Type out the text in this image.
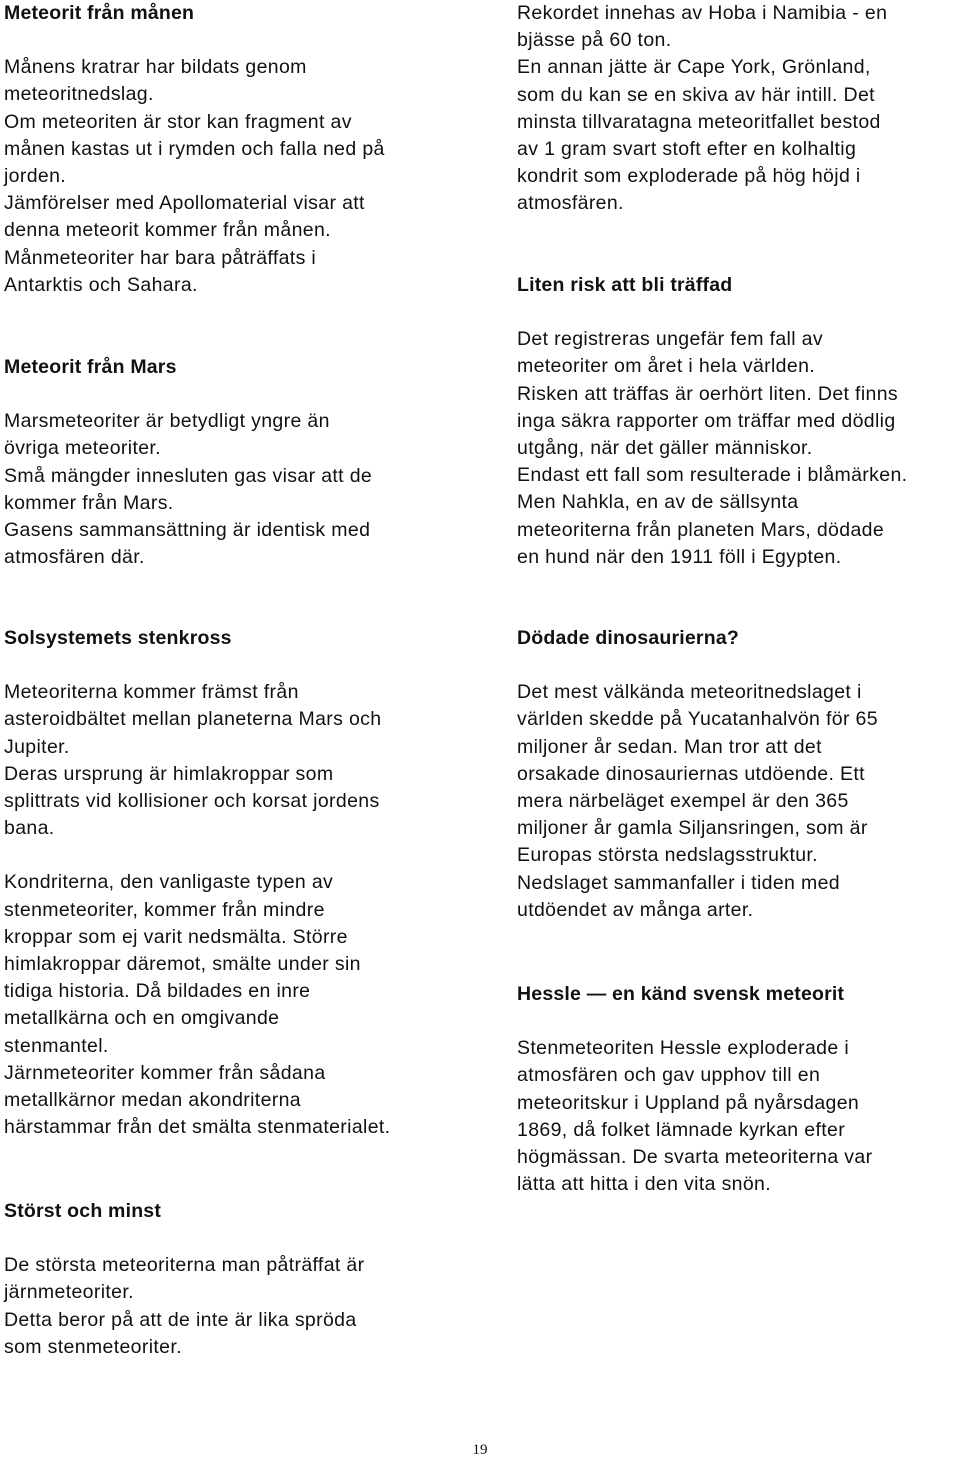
Meteorit från månen

Månens kratrar har bildats genom
meteoritnedslag.
Om meteoriten är stor kan fragment av
månen kastas ut i rymden och falla ned på
jorden.
Jämförelser med Apollomaterial visar att
denna meteorit kommer från månen.
Månmeteoriter har bara påträffats i
Antarktis och Sahara.

Meteorit från Mars

Marsmeteoriter är betydligt yngre än
övriga meteoriter.
Små mängder innesluten gas visar att de
kommer från Mars.
Gasens sammansättning är identisk med
atmosfären där.

Rekordet innehas av Hoba i Namibia - en
bjässe på 60 ton.
En annan jätte är Cape York, Grönland,
som du kan se en skiva av här intill. Det
minsta tillvaratagna meteoritfallet bestod
av 1 gram svart stoft efter en kolhaltig
kondrit som exploderade på hög höjd i
atmosfären.

Liten risk att bli träffad

Det registreras ungefär fem fall av
meteoriter om året i hela världen.
Risken att träffas är oerhört liten. Det finns
inga säkra rapporter om träffar med dödlig
utgång, när det gäller människor.
Endast ett fall som resulterade i blåmärken.
Men Nahkla, en av de sällsynta
meteoriterna från planeten Mars, dödade
en hund när den 1911 föll i Egypten.

Solsystemets stenkross

Meteoriterna kommer främst från
asteroidbältet mellan planeterna Mars och
Jupiter.
Deras ursprung är himlakroppar som
splittrats vid kollisioner och korsat jordens
bana.

Kondriterna, den vanligaste typen av
stenmeteoriter, kommer från mindre
kroppar som ej varit nedsmälta. Större
himlakroppar däremot, smälte under sin
tidiga historia. Då bildades en inre
metallkärna och en omgivande
stenmantel.
Järnmeteoriter kommer från sådana
metallkärnor medan akondriterna
härstammar från det smälta stenmaterialet.

Störst och minst

De största meteoriterna man påträffat är
järnmeteoriter.
Detta beror på att de inte är lika spröda
som stenmeteoriter.

Dödade dinosaurierna?

Det mest välkända meteoritnedslaget i
världen skedde på Yucatanhalvön för 65
miljoner år sedan. Man tror att det
orsakade dinosauriernas utdöende. Ett
mera närbeläget exempel är den 365
miljoner år gamla Siljansringen, som är
Europas största nedslagsstruktur.
Nedslaget sammanfaller i tiden med
utdöendet av många arter.

Hessle — en känd svensk meteorit

Stenmeteoriten Hessle exploderade i
atmosfären och gav upphov till en
meteoritskur i Uppland på nyårsdagen
1869, då folket lämnade kyrkan efter
högmässan. De svarta meteoriterna var
lätta att hitta i den vita snön.

19
